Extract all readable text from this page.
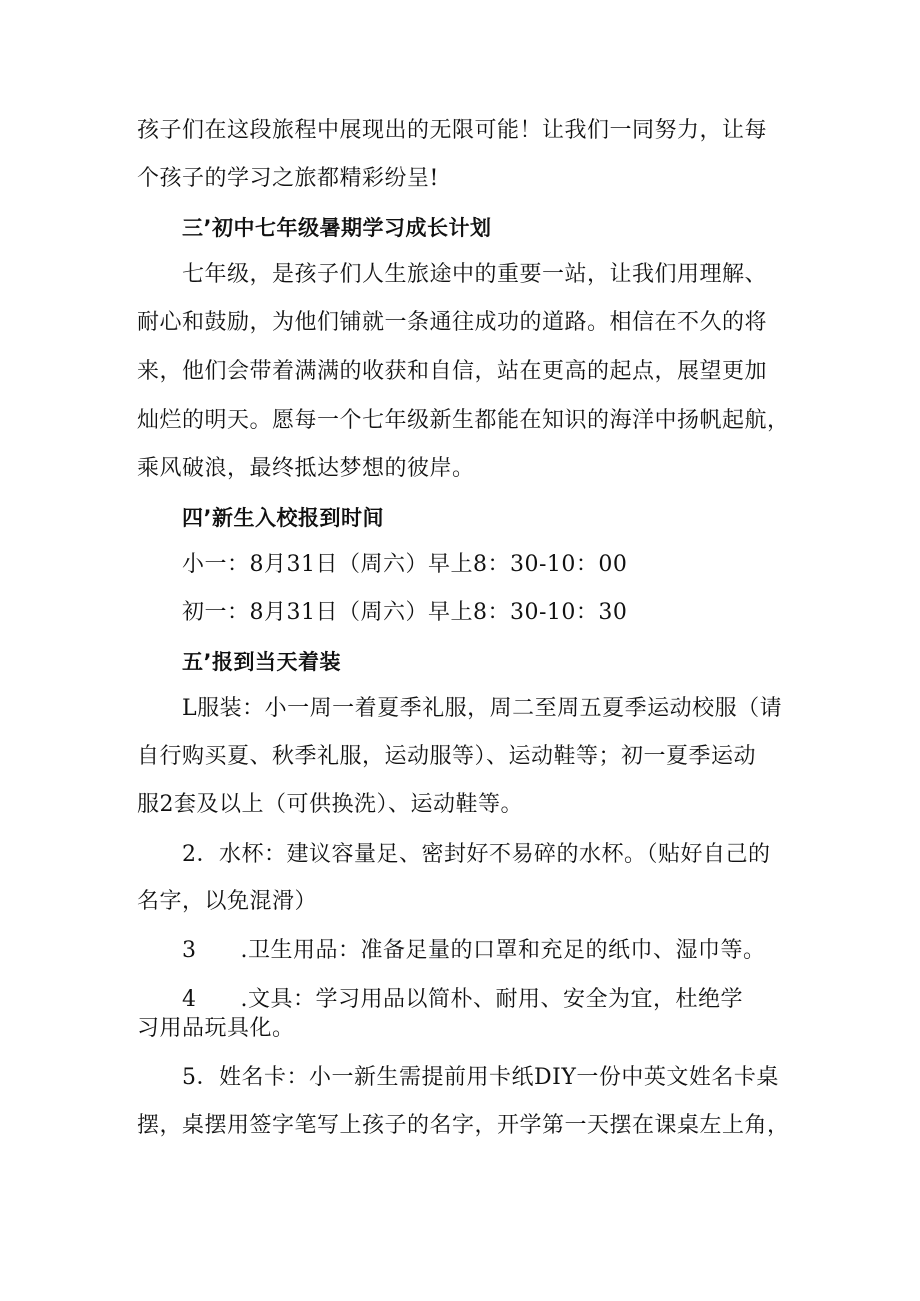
孩子们在这段旅程中展现出的无限可能！让我们一同努力，让每
个孩子的学习之旅都精彩纷呈!
三’初中七年级暑期学习成长计划
七年级，是孩子们人生旅途中的重要一站，让我们用理解、
耐心和鼓励，为他们铺就一条通往成功的道路。相信在不久的将
来，他们会带着满满的收获和自信，站在更高的起点，展望更加
灿烂的明天。愿每一个七年级新生都能在知识的海洋中扬帆起航，
乘风破浪，最终抵达梦想的彼岸。
四’新生入校报到时间
小一：8月31日（周六）早上8：30-10：00
初一：8月31日（周六）早上8：30-10：30
五’报到当天着装
L服装：小一周一着夏季礼服，周二至周五夏季运动校服（请
自行购买夏、秋季礼服，运动服等）、运动鞋等；初一夏季运动
服2套及以上（可供换洗）、运动鞋等。
2．水杯：建议容量足、密封好不易碎的水杯。（贴好自己的
名字，以免混滑）
3 .卫生用品：准备足量的口罩和充足的纸巾、湿巾等。
4 .文具：学习用品以简朴、耐用、安全为宜，杜绝学
习用品玩具化。
5．姓名卡：小一新生需提前用卡纸DIY一份中英文姓名卡桌
摆，桌摆用签字笔写上孩子的名字，开学第一天摆在课桌左上角，
